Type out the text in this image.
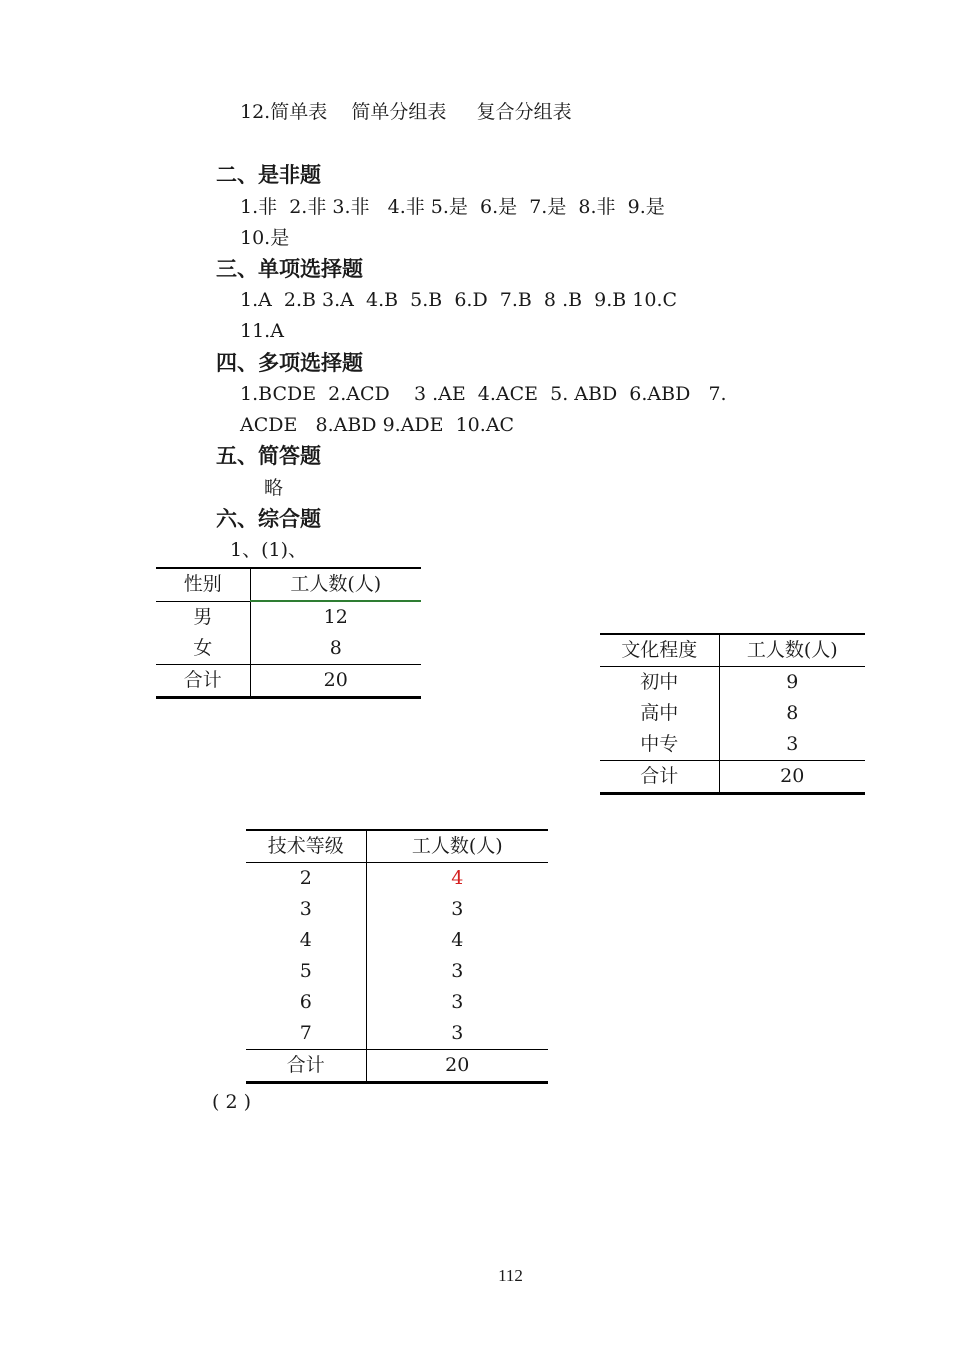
12.简单表    简单分组表     复合分组表
二、是非题
1.非  2.非 3.非   4.非 5.是  6.是  7.是  8.非  9.是
10.是
三、单项选择题
1.A  2.B 3.A  4.B  5.B  6.D  7.B  8 .B  9.B 10.C
11.A
四、多项选择题
1.BCDE  2.ACD    3 .AE  4.ACE  5. ABD  6.ABD   7.
ACDE   8.ABD 9.ADE  10.AC
五、简答题
略
六、综合题
1、(1)、
性别	工人数(人)
男	12
女	8
合计	20
文化程度	工人数(人)
初中	9
高中	8
中专	3
合计	20
技术等级	工人数(人)
2	4
3	3
4	4
5	3
6	3
7	3
合计	20
( 2 )
112
